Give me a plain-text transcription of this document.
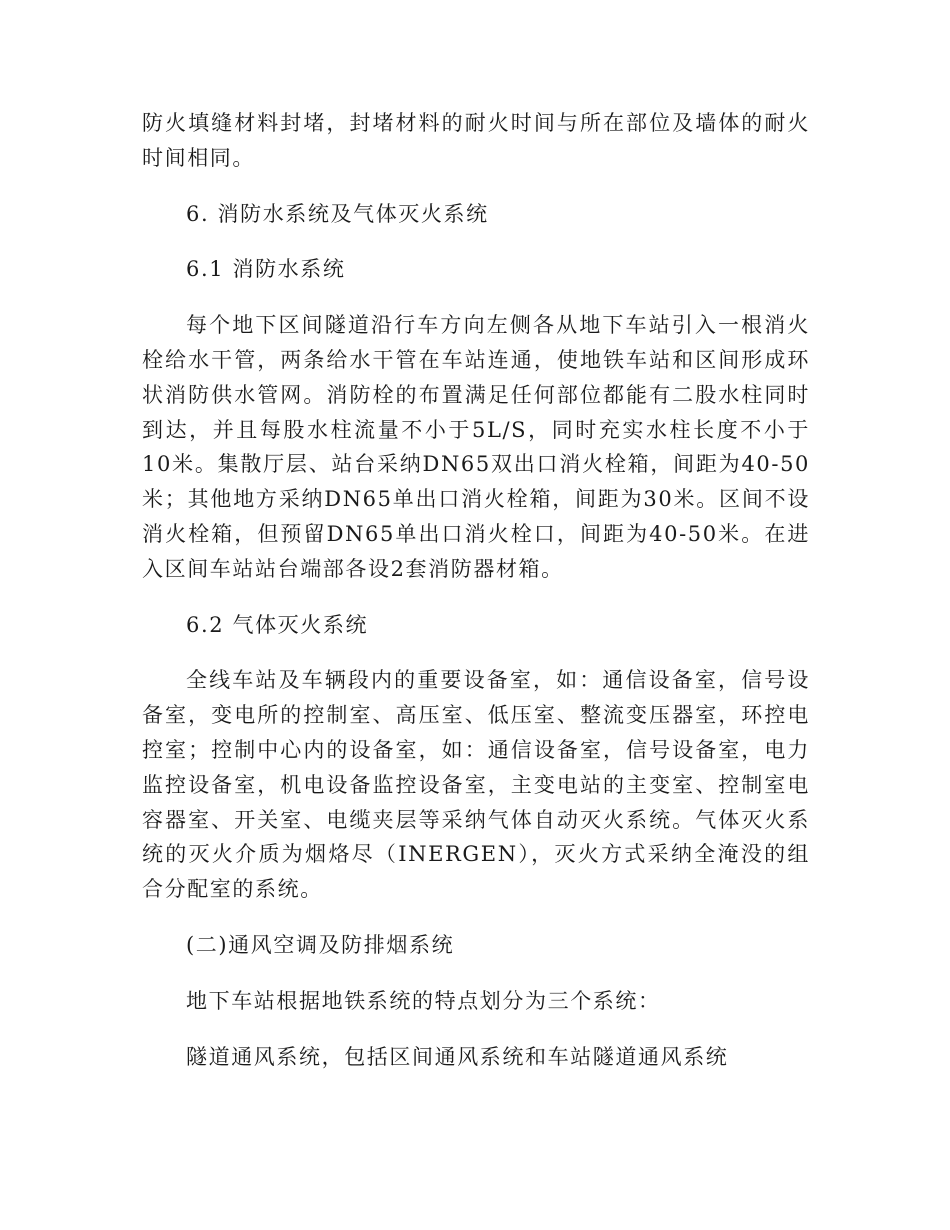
防火填缝材料封堵，封堵材料的耐火时间与所在部位及墙体的耐火时间相同。

6. 消防水系统及气体灭火系统

6.1 消防水系统

每个地下区间隧道沿行车方向左侧各从地下车站引入一根消火栓给水干管，两条给水干管在车站连通，使地铁车站和区间形成环状消防供水管网。消防栓的布置满足任何部位都能有二股水柱同时到达，并且每股水柱流量不小于5L/S，同时充实水柱长度不小于10米。集散厅层、站台采纳DN65双出口消火栓箱，间距为40-50米；其他地方采纳DN65单出口消火栓箱，间距为30米。区间不设消火栓箱，但预留DN65单出口消火栓口，间距为40-50米。在进入区间车站站台端部各设2套消防器材箱。

6.2 气体灭火系统

全线车站及车辆段内的重要设备室，如：通信设备室，信号设备室，变电所的控制室、高压室、低压室、整流变压器室，环控电控室；控制中心内的设备室，如：通信设备室，信号设备室，电力监控设备室，机电设备监控设备室，主变电站的主变室、控制室电容器室、开关室、电缆夹层等采纳气体自动灭火系统。气体灭火系统的灭火介质为烟烙尽（INERGEN），灭火方式采纳全淹没的组合分配室的系统。

(二)通风空调及防排烟系统

地下车站根据地铁系统的特点划分为三个系统：

隧道通风系统，包括区间通风系统和车站隧道通风系统
